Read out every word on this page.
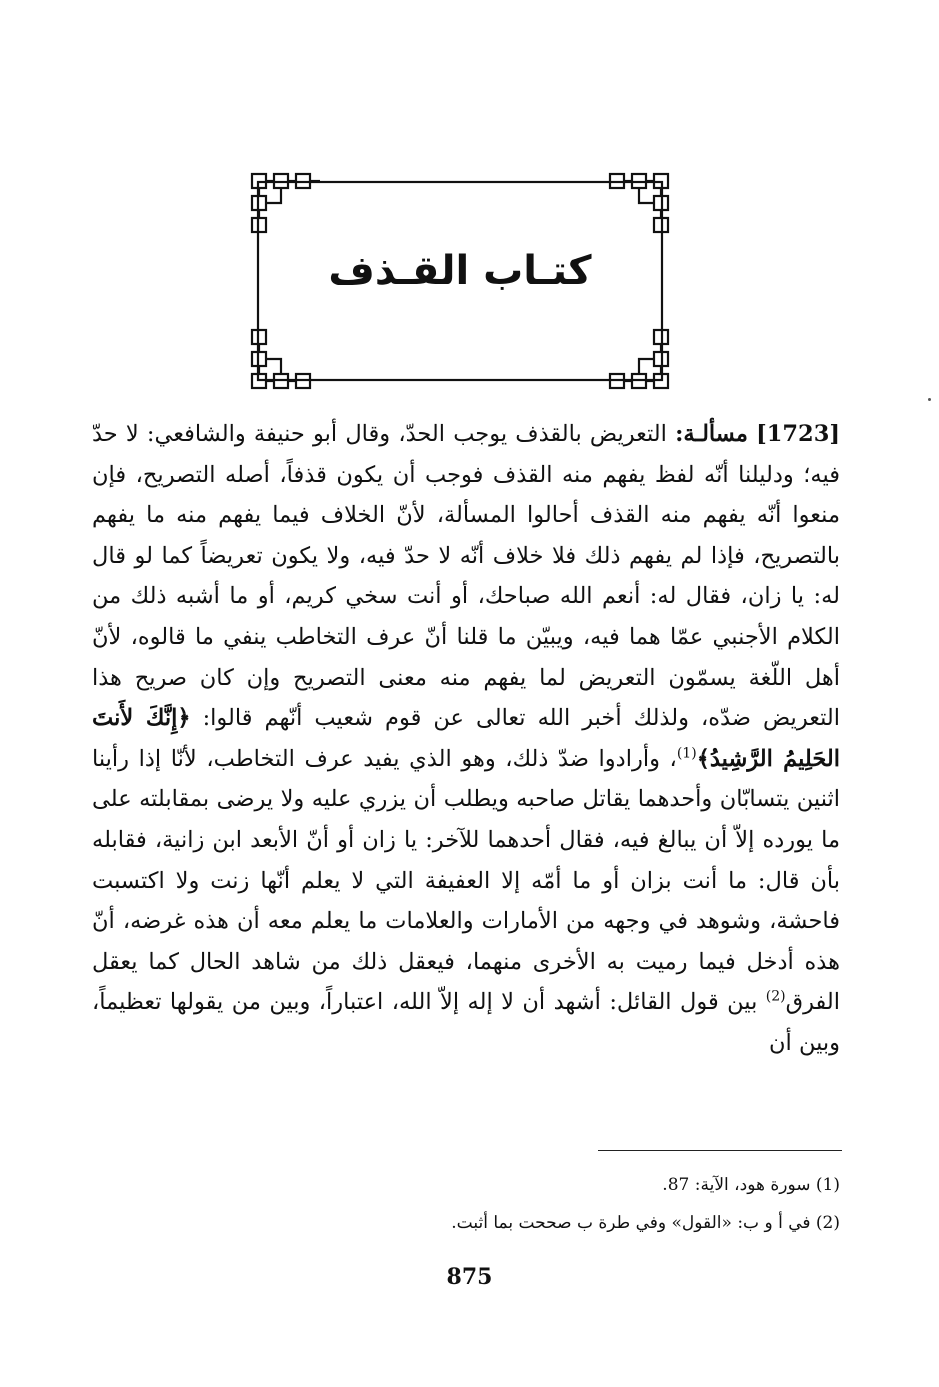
كتـاب القـذف

[1723] مسألـة: التعريض بالقذف يوجب الحدّ، وقال أبو حنيفة والشافعي: لا حدّ فيه؛ ودليلنا أنّه لفظ يفهم منه القذف فوجب أن يكون قذفاً، أصله التصريح، فإن منعوا أنّه يفهم منه القذف أحالوا المسألة، لأنّ الخلاف فيما يفهم منه ما يفهم بالتصريح، فإذا لم يفهم ذلك فلا خلاف أنّه لا حدّ فيه، ولا يكون تعريضاً كما لو قال له: يا زان، فقال له: أنعم الله صباحك، أو أنت سخي كريم، أو ما أشبه ذلك من الكلام الأجنبي عمّا هما فيه، ويبيّن ما قلنا أنّ عرف التخاطب ينفي ما قالوه، لأنّ أهل اللّغة يسمّون التعريض لما يفهم منه معنى التصريح وإن كان صريح هذا التعريض ضدّه، ولذلك أخبر الله تعالى عن قوم شعيب أنّهم قالوا: ﴿إِنَّكَ لأَنتَ الحَلِيمُ الرَّشِيدُ﴾$^{(1)}$، وأرادوا ضدّ ذلك، وهو الذي يفيد عرف التخاطب، لأنّا إذا رأينا اثنين يتسابّان وأحدهما يقاتل صاحبه ويطلب أن يزري عليه ولا يرضى بمقابلته على ما يورده إلاّ أن يبالغ فيه، فقال أحدهما للآخر: يا زان أو أنّ الأبعد ابن زانية، فقابله بأن قال: ما أنت بزان أو ما أمّه إلا العفيفة التي لا يعلم أنّها زنت ولا اكتسبت فاحشة، وشوهد في وجهه من الأمارات والعلامات ما يعلم معه أن هذه غرضه، أنّ هذه أدخل فيما رميت به الأخرى منهما، فيعقل ذلك من شاهد الحال كما يعقل الفرق$^{(2)}$ بين قول القائل: أشهد أن لا إله إلاّ الله، اعتباراً، وبين من يقولها تعظيماً، وبين أن

(1) سورة هود، الآية: 87.

(2) في أ و ب: «القول» وفي طرة ب صححت بما أثبت.

875
